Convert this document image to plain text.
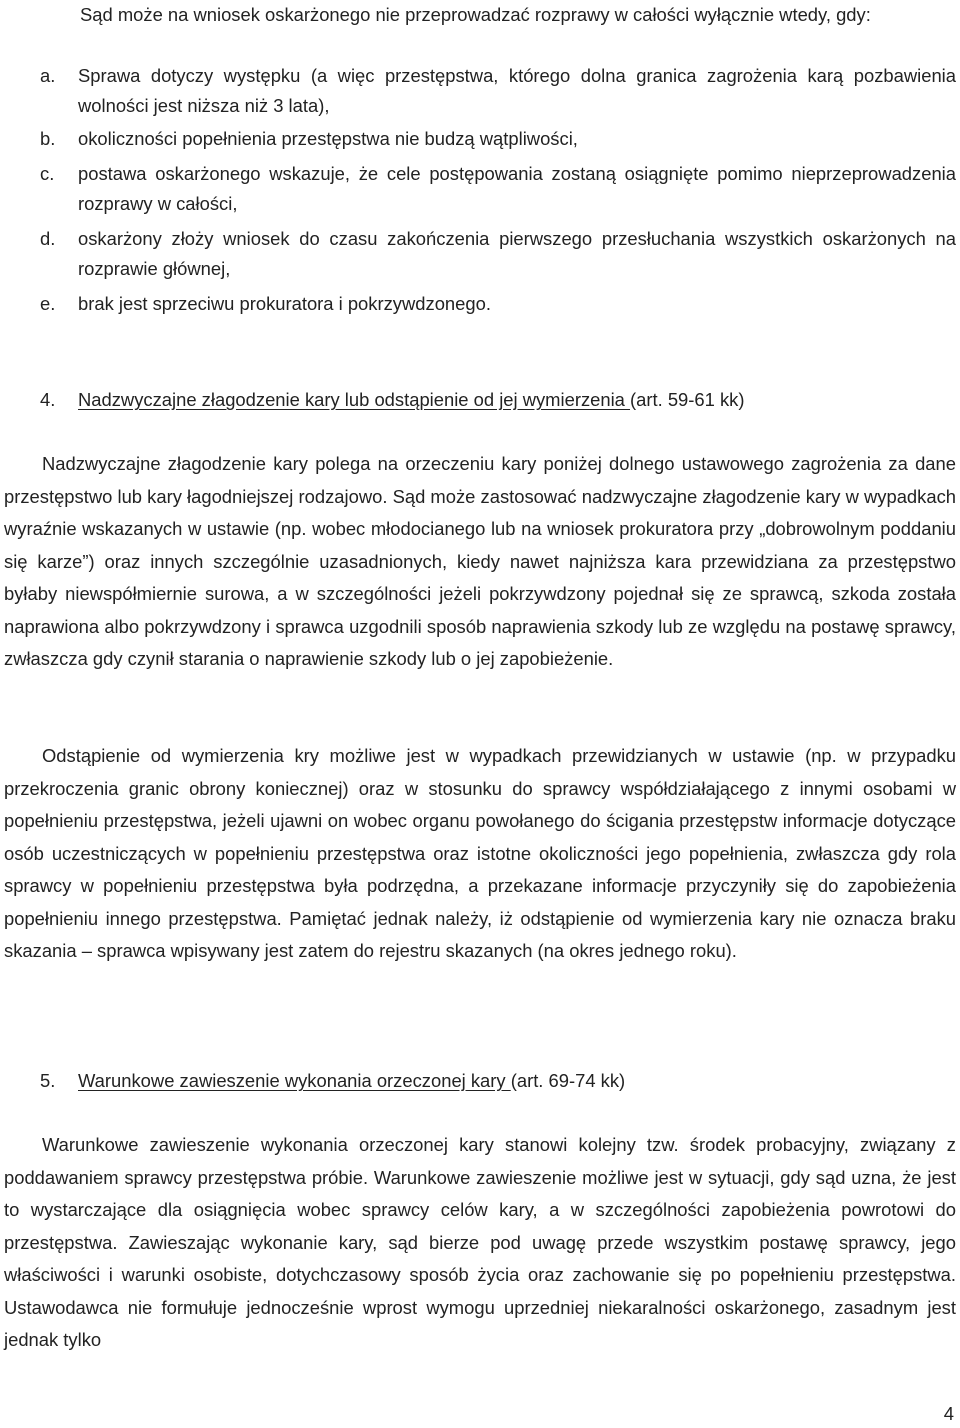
Sąd może na wniosek oskarżonego nie przeprowadzać rozprawy w całości wyłącznie wtedy, gdy:

a. Sprawa dotyczy występku (a więc przestępstwa, którego dolna granica zagrożenia karą pozbawienia wolności jest niższa niż 3 lata),
b. okoliczności popełnienia przestępstwa nie budzą wątpliwości,
c. postawa oskarżonego wskazuje, że cele postępowania zostaną osiągnięte pomimo nieprzeprowadzenia rozprawy w całości,
d. oskarżony złoży wniosek do czasu zakończenia pierwszego przesłuchania wszystkich oskarżonych na rozprawie głównej,
e. brak jest sprzeciwu prokuratora i pokrzywdzonego.
4. Nadzwyczajne złagodzenie kary lub odstąpienie od jej wymierzenia (art. 59-61 kk)

Nadzwyczajne złagodzenie kary polega na orzeczeniu kary poniżej dolnego ustawowego zagrożenia za dane przestępstwo lub kary łagodniejszej rodzajowo. Sąd może zastosować nadzwyczajne złagodzenie kary w wypadkach wyraźnie wskazanych w ustawie (np. wobec młodocianego lub na wniosek prokuratora przy „dobrowolnym poddaniu się karze”) oraz innych szczególnie uzasadnionych, kiedy nawet najniższa kara przewidziana za przestępstwo byłaby niewspółmiernie surowa, a w szczególności jeżeli pokrzywdzony pojednał się ze sprawcą, szkoda została naprawiona albo pokrzywdzony i sprawca uzgodnili sposób naprawienia szkody lub ze względu na postawę sprawcy, zwłaszcza gdy czynił starania o naprawienie szkody lub o jej zapobieżenie.

Odstąpienie od wymierzenia kry możliwe jest w wypadkach przewidzianych w ustawie (np. w przypadku przekroczenia granic obrony koniecznej) oraz w stosunku do sprawcy współdziałającego z innymi osobami w popełnieniu przestępstwa, jeżeli ujawni on wobec organu powołanego do ścigania przestępstw informacje dotyczące osób uczestniczących w popełnieniu przestępstwa oraz istotne okoliczności jego popełnienia, zwłaszcza gdy rola sprawcy w popełnieniu przestępstwa była podrzędna, a przekazane informacje przyczyniły się do zapobieżenia popełnieniu innego przestępstwa. Pamiętać jednak należy, iż odstąpienie od wymierzenia kary nie oznacza braku skazania – sprawca wpisywany jest zatem do rejestru skazanych (na okres jednego roku).

5. Warunkowe zawieszenie wykonania orzeczonej kary (art. 69-74 kk)

Warunkowe zawieszenie wykonania orzeczonej kary stanowi kolejny tzw. środek probacyjny, związany z poddawaniem sprawcy przestępstwa próbie. Warunkowe zawieszenie możliwe jest w sytuacji, gdy sąd uzna, że jest to wystarczające dla osiągnięcia wobec sprawcy celów kary, a w szczególności zapobieżenia powrotowi do przestępstwa. Zawieszając wykonanie kary, sąd bierze pod uwagę przede wszystkim postawę sprawcy, jego właściwości i warunki osobiste, dotychczasowy sposób życia oraz zachowanie się po popełnieniu przestępstwa. Ustawodawca nie formułuje jednocześnie wprost wymogu uprzedniej niekaralności oskarżonego, zasadnym jest jednak tylko

4
